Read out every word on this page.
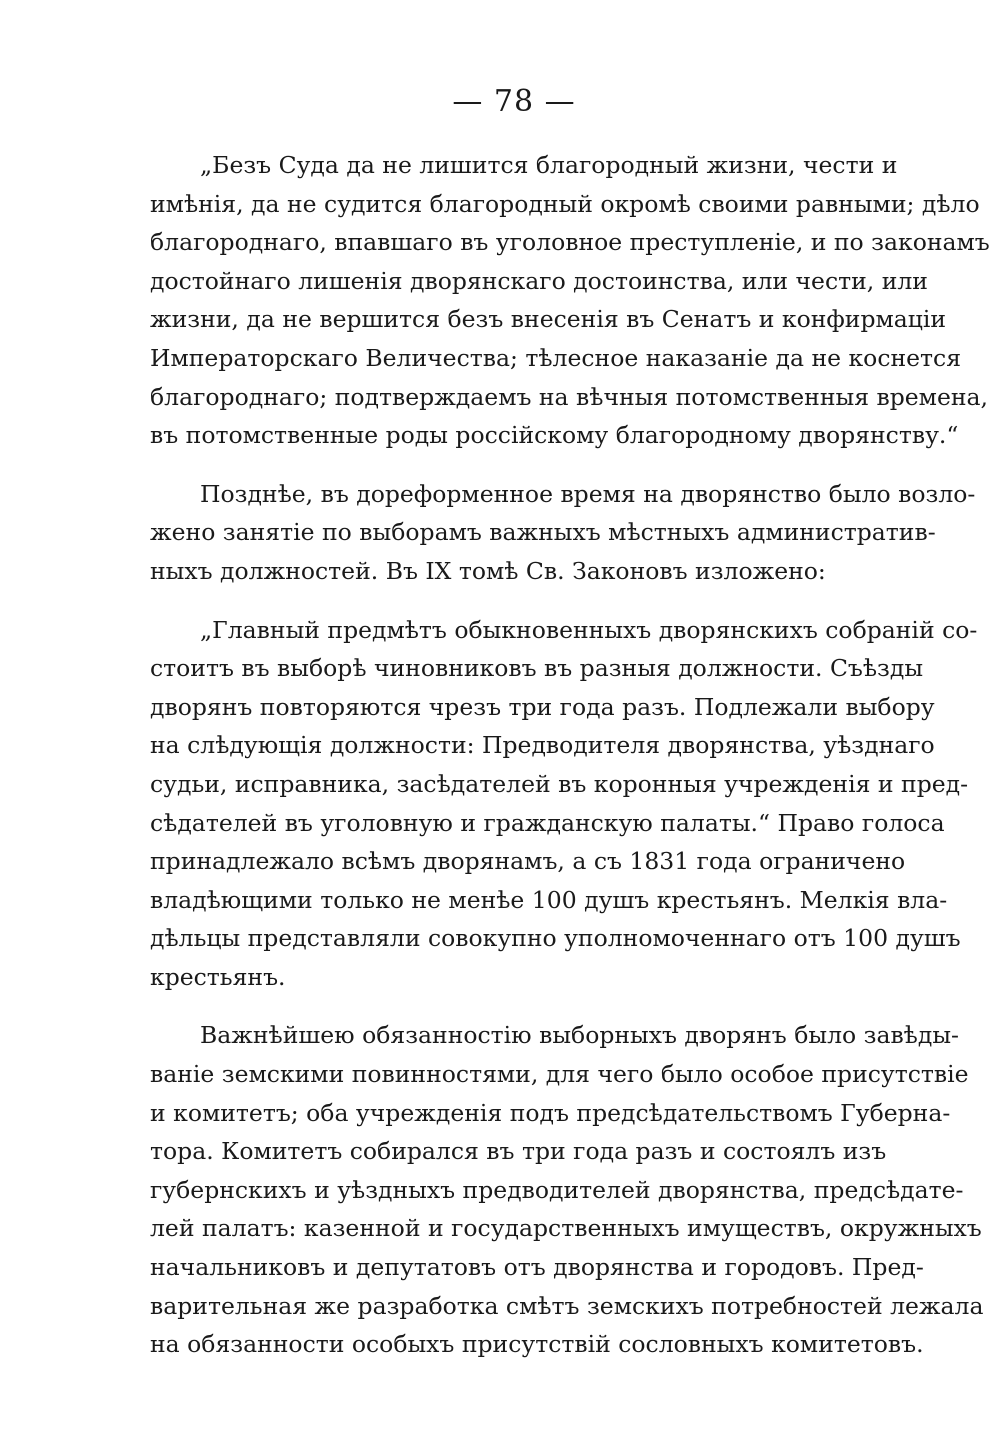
— 78 —
„Безъ Суда да не лишится благородный жизни, чести и
имѣнія, да не судится благородный окромѣ своими равными; дѣло
благороднаго, впавшаго въ уголовное преступленіе, и по законамъ
достойнаго лишенія дворянскаго достоинства, или чести, или
жизни, да не вершится безъ внесенія въ Сенатъ и конфирмаціи
Императорскаго Величества; тѣлесное наказаніе да не коснется
благороднаго; подтверждаемъ на вѣчныя потомственныя времена,
въ потомственные роды россійскому благородному дворянству.“
Позднѣе, въ дореформенное время на дворянство было возло-
жено занятіе по выборамъ важныхъ мѣстныхъ административ-
ныхъ должностей. Въ IX томѣ Св. Законовъ изложено:
„Главный предмѣтъ обыкновенныхъ дворянскихъ собраній со-
стоитъ въ выборѣ чиновниковъ въ разныя должности. Съѣзды
дворянъ повторяются чрезъ три года разъ. Подлежали выбору
на слѣдующія должности: Предводителя дворянства, уѣзднаго
судьи, исправника, засѣдателей въ коронныя учрежденія и пред-
сѣдателей въ уголовную и гражданскую палаты.“ Право голоса
принадлежало всѣмъ дворянамъ, а съ 1831 года ограничено
владѣющими только не менѣе 100 душъ крестьянъ. Мелкія вла-
дѣльцы представляли совокупно уполномоченнаго отъ 100 душъ
крестьянъ.
Важнѣйшею обязанностію выборныхъ дворянъ было завѣды-
ваніе земскими повинностями, для чего было особое присутствіе
и комитетъ; оба учрежденія подъ предсѣдательствомъ Губерна-
тора. Комитетъ собирался въ три года разъ и состоялъ изъ
губернскихъ и уѣздныхъ предводителей дворянства, предсѣдате-
лей палатъ: казенной и государственныхъ имуществъ, окружныхъ
начальниковъ и депутатовъ отъ дворянства и городовъ. Пред-
варительная же разработка смѣтъ земскихъ потребностей лежала
на обязанности особыхъ присутствій сословныхъ комитетовъ.
